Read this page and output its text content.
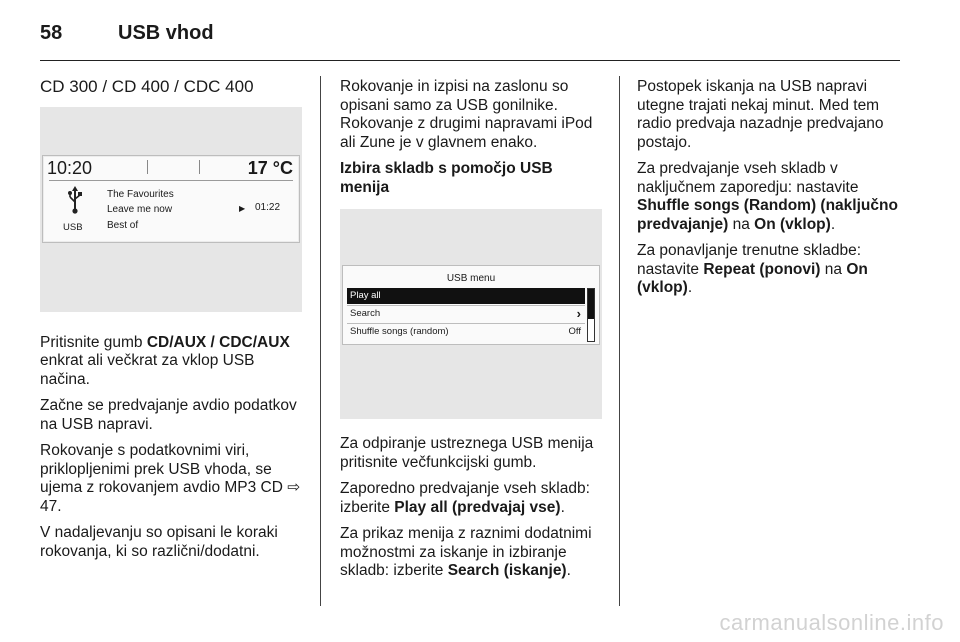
58	USB vhod
CD 300 / CD 400 / CDC 400
10:20	17 °C
USB
The Favourites
Leave me now
Best of
▶ 01:22

Pritisnite gumb CD/AUX / CDC/AUX enkrat ali večkrat za vklop USB načina.

Začne se predvajanje avdio podatkov na USB napravi.

Rokovanje s podatkovnimi viri, priklopljenimi prek USB vhoda, se ujema z rokovanjem avdio MP3 CD ⇨ 47.

V nadaljevanju so opisani le koraki rokovanja, ki so različni/dodatni.

Rokovanje in izpisi na zaslonu so opisani samo za USB gonilnike. Rokovanje z drugimi napravami iPod ali Zune je v glavnem enako.

Izbira skladb s pomočjo USB menija

USB menu
Play all
Search	›
Shuffle songs (random)	Off

Za odpiranje ustreznega USB menija pritisnite večfunkcijski gumb.

Zaporedno predvajanje vseh skladb: izberite Play all (predvajaj vse).

Za prikaz menija z raznimi dodatnimi možnostmi za iskanje in izbiranje skladb: izberite Search (iskanje).

Postopek iskanja na USB napravi utegne trajati nekaj minut. Med tem radio predvaja nazadnje predvajano postajo.

Za predvajanje vseh skladb v naključnem zaporedju: nastavite Shuffle songs (Random) (naključno predvajanje) na On (vklop).

Za ponavljanje trenutne skladbe: nastavite Repeat (ponovi) na On (vklop).

carmanualsonline.info
